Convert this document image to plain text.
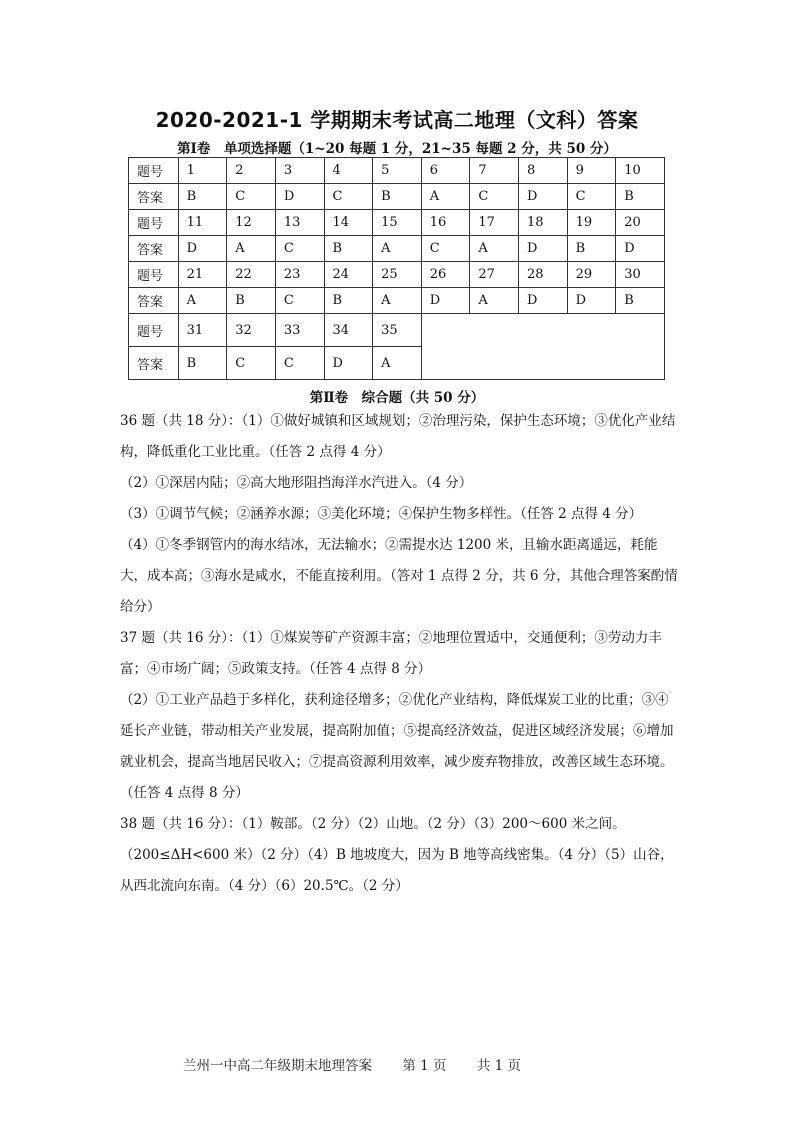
2020-2021-1 学期期末考试高二地理（文科）答案
第Ⅰ卷　单项选择题（1~20 每题 1 分，21~35 每题 2 分，共 50 分）
题号	1	2	3	4	5	6	7	8	9	10
答案	B	C	D	C	B	A	C	D	C	B
题号	11	12	13	14	15	16	17	18	19	20
答案	D	A	C	B	A	C	A	D	B	D
题号	21	22	23	24	25	26	27	28	29	30
答案	A	B	C	B	A	D	A	D	D	B
题号	31	32	33	34	35					
答案	B	C	C	D	A					
第Ⅱ卷　综合题（共 50 分）

36 题（共 18 分）：（1）①做好城镇和区域规划；②治理污染，保护生态环境；③优化产业结构，降低重化工业比重。（任答 2 点得 4 分）

（2）①深居内陆；②高大地形阻挡海洋水汽进入。（4 分）

（3）①调节气候；②涵养水源；③美化环境；④保护生物多样性。（任答 2 点得 4 分）

（4）①冬季钢管内的海水结冰，无法输水；②需提水达 1200 米，且输水距离遥远，耗能大，成本高；③海水是咸水，不能直接利用。（答对 1 点得 2 分，共 6 分，其他合理答案酌情给分）

37 题（共 16 分）：（1）①煤炭等矿产资源丰富；②地理位置适中，交通便利；③劳动力丰富；④市场广阔；⑤政策支持。（任答 4 点得 8 分）

（2）①工业产品趋于多样化，获利途径增多；②优化产业结构，降低煤炭工业的比重；③④延长产业链，带动相关产业发展，提高附加值；⑤提高经济效益，促进区域经济发展；⑥增加就业机会，提高当地居民收入；⑦提高资源利用效率，减少废弃物排放，改善区域生态环境。（任答 4 点得 8 分）

38 题（共 16 分）：（1）鞍部。（2 分）（2）山地。（2 分）（3）200～600 米之间。（200≤ΔH<600 米）（2 分）（4）B 地坡度大，因为 B 地等高线密集。（4 分）（5）山谷，从西北流向东南。（4 分）（6）20.5℃。（2 分）

兰州一中高二年级期末地理答案 第 1 页 共 1 页
